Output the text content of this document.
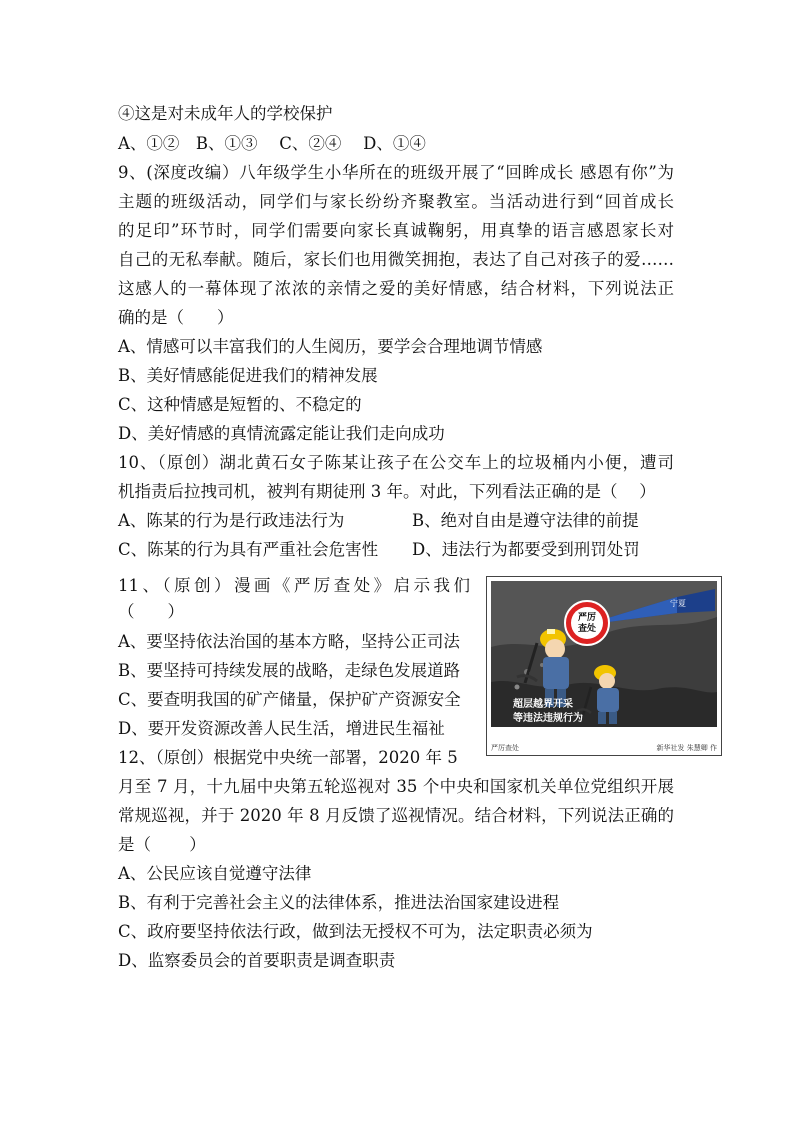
④这是对未成年人的学校保护
A、①②　B、①③　 C、②④　 D、①④
9、(深度改编）八年级学生小华所在的班级开展了“回眸成长 感恩有你”为
主题的班级活动，同学们与家长纷纷齐聚教室。当活动进行到“回首成长
的足印”环节时，同学们需要向家长真诚鞠躬，用真挚的语言感恩家长对
自己的无私奉献。随后，家长们也用微笑拥抱，表达了自己对孩子的爱……
这感人的一幕体现了浓浓的亲情之爱的美好情感，结合材料，下列说法正
确的是（　　）
A、情感可以丰富我们的人生阅历，要学会合理地调节情感
B、美好情感能促进我们的精神发展
C、这种情感是短暂的、不稳定的
D、美好情感的真情流露定能让我们走向成功
10、（原创）湖北黄石女子陈某让孩子在公交车上的垃圾桶内小便，遭司
机指责后拉拽司机，被判有期徒刑 3 年。对此，下列看法正确的是（　 ）
A、陈某的行为是行政违法行为	B、绝对自由是遵守法律的前提
C、陈某的行为具有严重社会危害性 D、违法行为都要受到刑罚处罚
11、（原创）漫画《严厉查处》启示我们
（　　）
A、要坚持依法治国的基本方略，坚持公正司法
B、要坚持可持续发展的战略，走绿色发展道路
C、要查明我国的矿产储量，保护矿产资源安全
D、要开发资源改善人民生活，增进民生福祉
宁夏
严厉
查处
超层越界开采
等违法违规行为
严厉查处	新华社发 朱慧卿 作
12、（原创）根据党中央统一部署，2020 年 5
月至 7 月，十九届中央第五轮巡视对 35 个中央和国家机关单位党组织开展
常规巡视，并于 2020 年 8 月反馈了巡视情况。结合材料，下列说法正确的
是（　　 ）
A、公民应该自觉遵守法律
B、有利于完善社会主义的法律体系，推进法治国家建设进程
C、政府要坚持依法行政，做到法无授权不可为，法定职责必须为
D、监察委员会的首要职责是调查职责
